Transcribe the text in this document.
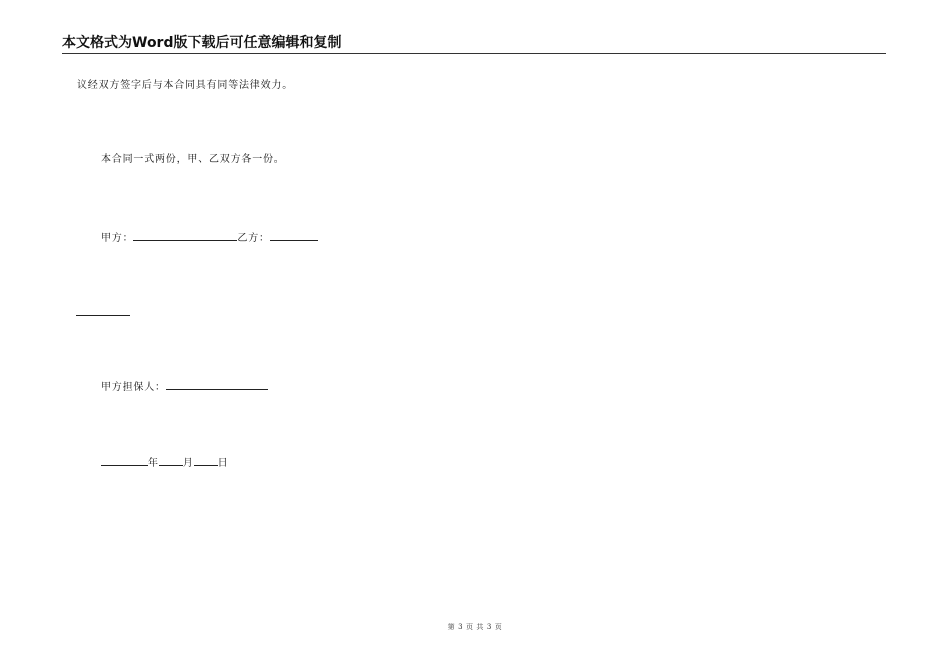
本文格式为Word版下载后可任意编辑和复制
议经双方签字后与本合同具有同等法律效力。
本合同一式两份，甲、乙双方各一份。
甲方：	乙方：
甲方担保人：
年 月 日
第 3 页 共 3 页
